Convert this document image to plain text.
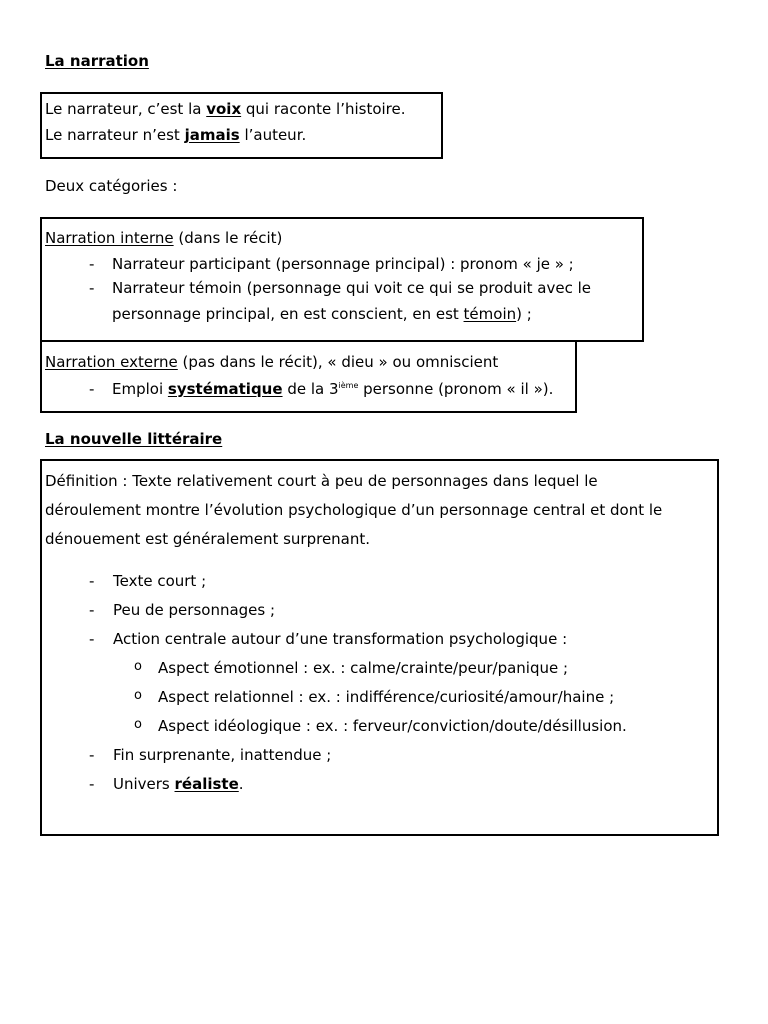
La narration
Le narrateur, c’est la voix qui raconte l’histoire.
Le narrateur n’est jamais l’auteur.
Deux catégories :
Narration interne (dans le récit)
- Narrateur participant (personnage principal) : pronom « je » ;
- Narrateur témoin (personnage qui voit ce qui se produit avec le
personnage principal, en est conscient, en est témoin) ;
Narration externe (pas dans le récit), « dieu » ou omniscient
- Emploi systématique de la 3ième personne (pronom « il »).
La nouvelle littéraire
Définition : Texte relativement court à peu de personnages dans lequel le
déroulement montre l’évolution psychologique d’un personnage central et dont le
dénouement est généralement surprenant.
- Texte court ;
- Peu de personnages ;
- Action centrale autour d’une transformation psychologique :
o Aspect émotionnel : ex. : calme/crainte/peur/panique ;
o Aspect relationnel : ex. : indifférence/curiosité/amour/haine ;
o Aspect idéologique : ex. : ferveur/conviction/doute/désillusion.
- Fin surprenante, inattendue ;
- Univers réaliste.
